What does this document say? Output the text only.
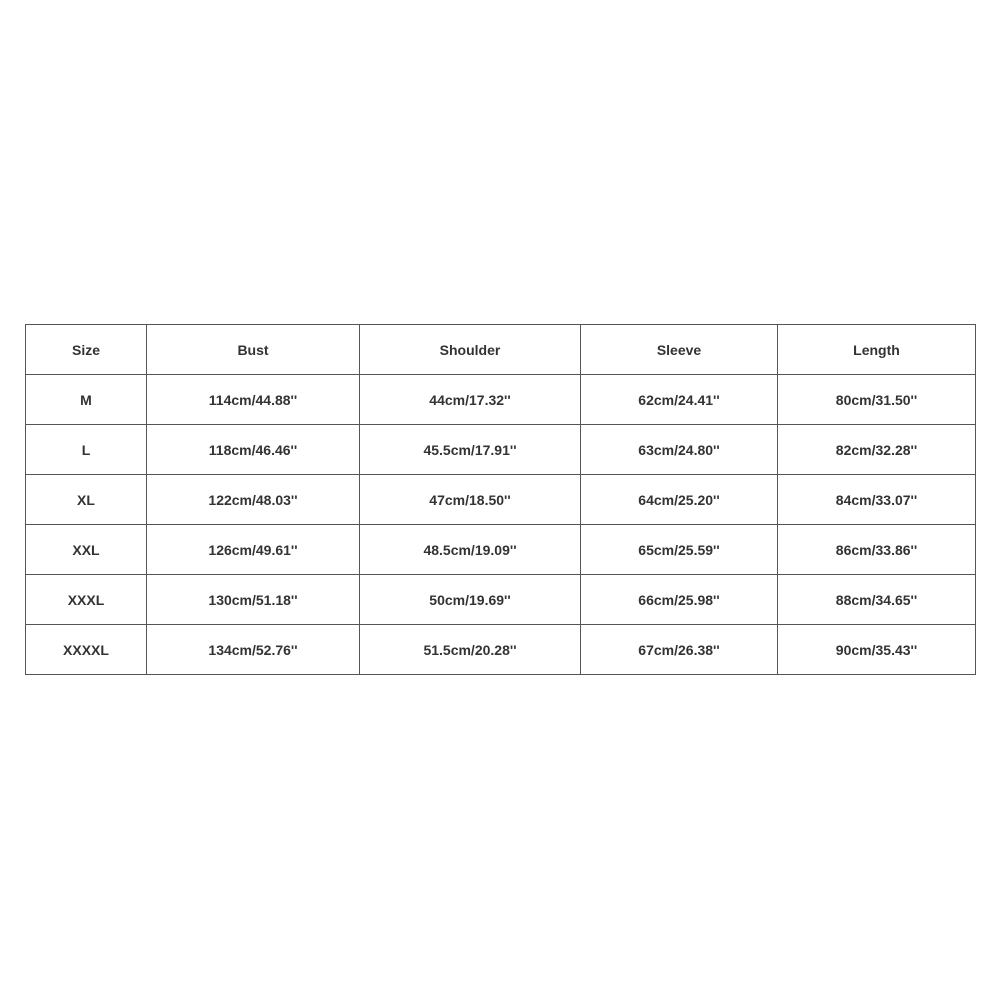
Size	Bust	Shoulder	Sleeve	Length
M	114cm/44.88''	44cm/17.32''	62cm/24.41''	80cm/31.50''
L	118cm/46.46''	45.5cm/17.91''	63cm/24.80''	82cm/32.28''
XL	122cm/48.03''	47cm/18.50''	64cm/25.20''	84cm/33.07''
XXL	126cm/49.61''	48.5cm/19.09''	65cm/25.59''	86cm/33.86''
XXXL	130cm/51.18''	50cm/19.69''	66cm/25.98''	88cm/34.65''
XXXXL	134cm/52.76''	51.5cm/20.28''	67cm/26.38''	90cm/35.43''
